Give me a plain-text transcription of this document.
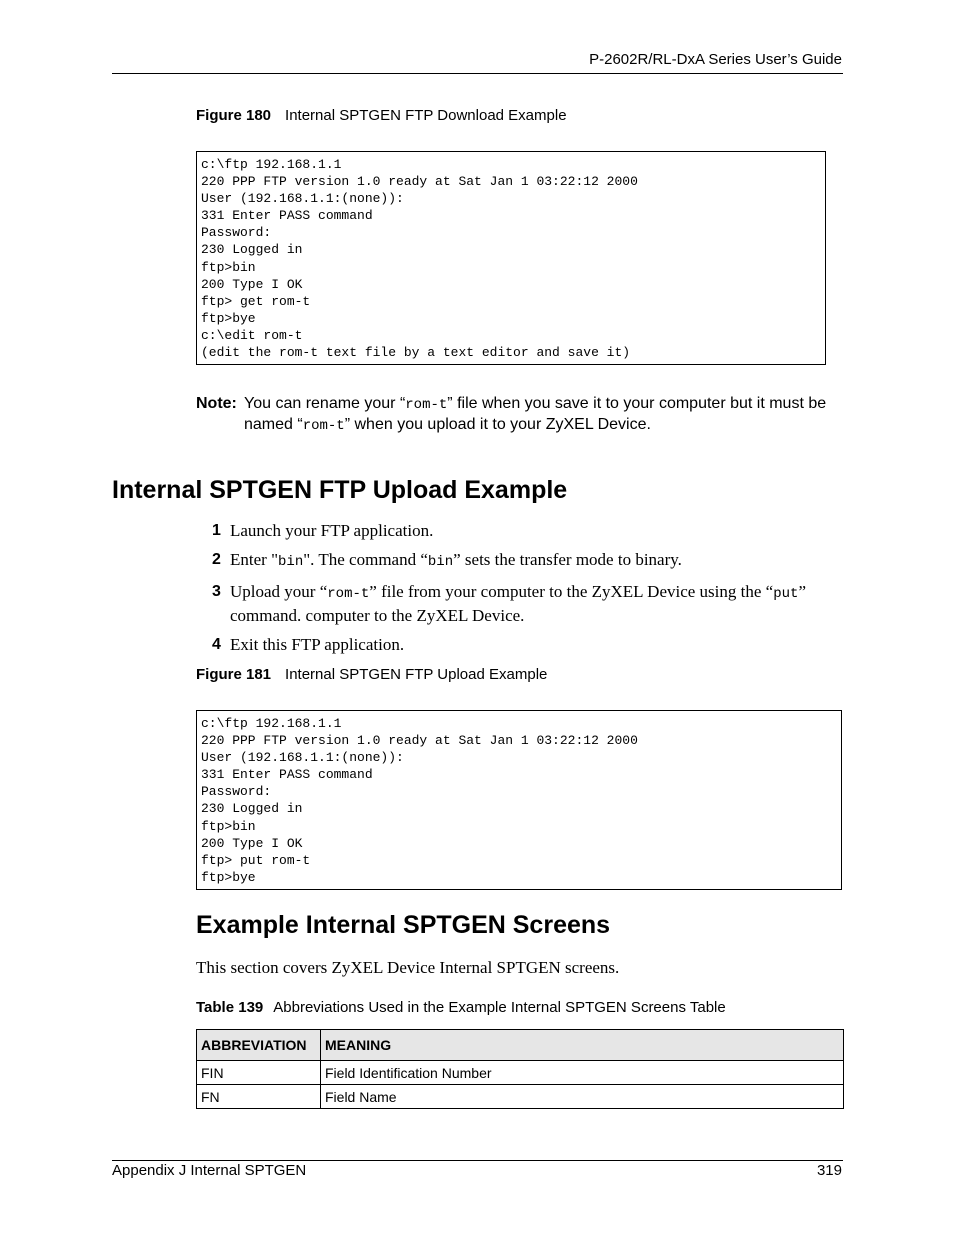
P-2602R/RL-DxA Series User’s Guide
Figure 180 Internal SPTGEN FTP Download Example
c:\ftp 192.168.1.1
220 PPP FTP version 1.0 ready at Sat Jan 1 03:22:12 2000
User (192.168.1.1:(none)):
331 Enter PASS command
Password:
230 Logged in
ftp>bin
200 Type I OK
ftp> get rom-t
ftp>bye
c:\edit rom-t
(edit the rom-t text file by a text editor and save it)
Note: You can rename your “rom-t” file when you save it to your computer but it must be named “rom-t” when you upload it to your ZyXEL Device.
Internal SPTGEN FTP Upload Example
1 Launch your FTP application.
2 Enter "bin". The command “bin” sets the transfer mode to binary.
3 Upload your “rom-t” file from your computer to the ZyXEL Device using the “put” command. computer to the ZyXEL Device.
4 Exit this FTP application.
Figure 181 Internal SPTGEN FTP Upload Example
c:\ftp 192.168.1.1
220 PPP FTP version 1.0 ready at Sat Jan 1 03:22:12 2000
User (192.168.1.1:(none)):
331 Enter PASS command
Password:
230 Logged in
ftp>bin
200 Type I OK
ftp> put rom-t
ftp>bye
Example Internal SPTGEN Screens
This section covers ZyXEL Device Internal SPTGEN screens.
Table 139 Abbreviations Used in the Example Internal SPTGEN Screens Table
ABBREVIATION	MEANING
FIN	Field Identification Number
FN	Field Name
Appendix J Internal SPTGEN	319
